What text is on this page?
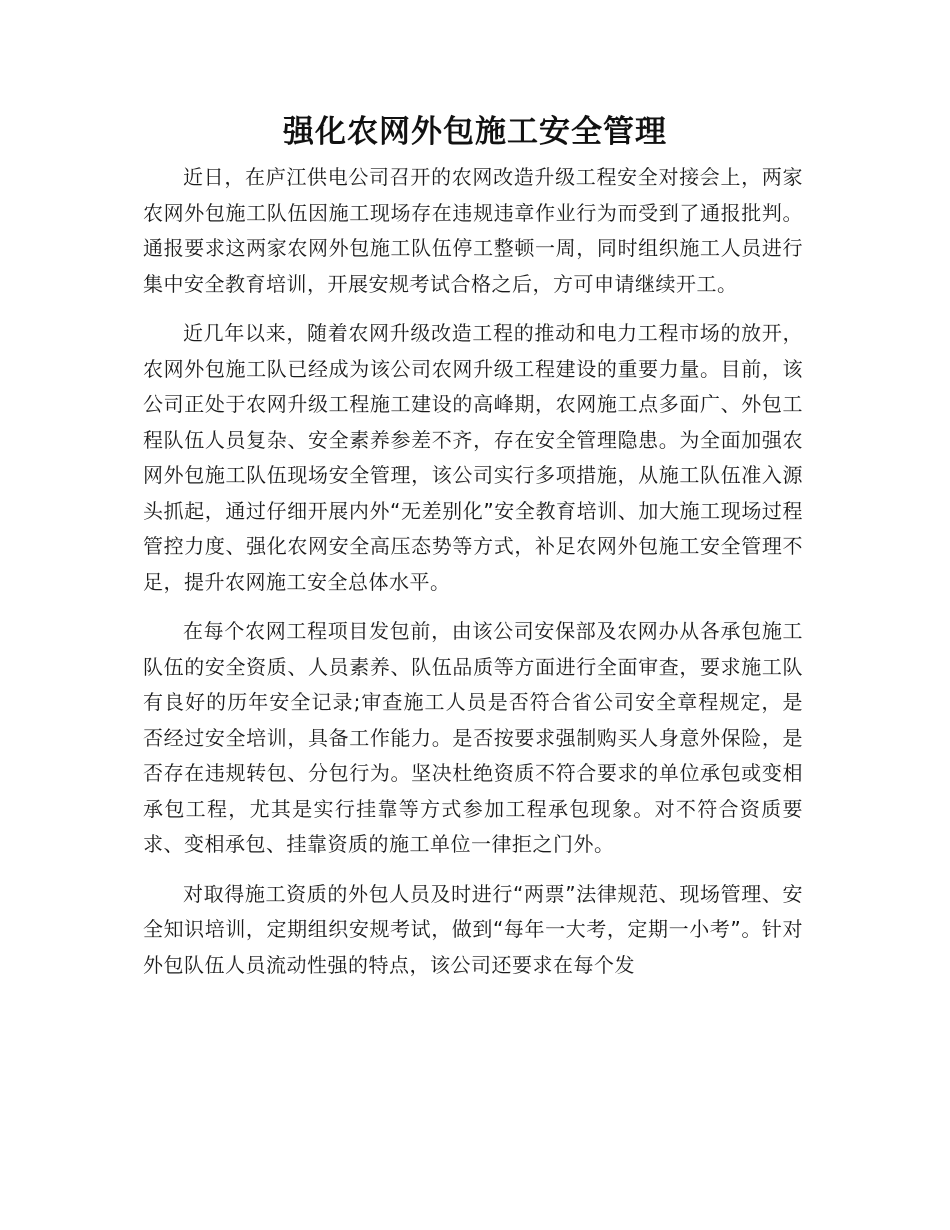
强化农网外包施工安全管理

近日，在庐江供电公司召开的农网改造升级工程安全对接会上，两家农网外包施工队伍因施工现场存在违规违章作业行为而受到了通报批判。通报要求这两家农网外包施工队伍停工整顿一周，同时组织施工人员进行集中安全教育培训，开展安规考试合格之后，方可申请继续开工。

近几年以来，随着农网升级改造工程的推动和电力工程市场的放开，农网外包施工队已经成为该公司农网升级工程建设的重要力量。目前，该公司正处于农网升级工程施工建设的高峰期，农网施工点多面广、外包工程队伍人员复杂、安全素养参差不齐，存在安全管理隐患。为全面加强农网外包施工队伍现场安全管理，该公司实行多项措施，从施工队伍准入源头抓起，通过仔细开展内外“无差别化”安全教育培训、加大施工现场过程管控力度、强化农网安全高压态势等方式，补足农网外包施工安全管理不足，提升农网施工安全总体水平。

在每个农网工程项目发包前，由该公司安保部及农网办从各承包施工队伍的安全资质、人员素养、队伍品质等方面进行全面审查，要求施工队有良好的历年安全记录;审查施工人员是否符合省公司安全章程规定，是否经过安全培训，具备工作能力。是否按要求强制购买人身意外保险，是否存在违规转包、分包行为。坚决杜绝资质不符合要求的单位承包或变相承包工程，尤其是实行挂靠等方式参加工程承包现象。对不符合资质要求、变相承包、挂靠资质的施工单位一律拒之门外。

对取得施工资质的外包人员及时进行“两票”法律规范、现场管理、安全知识培训，定期组织安规考试，做到“每年一大考，定期一小考”。针对外包队伍人员流动性强的特点，该公司还要求在每个发
